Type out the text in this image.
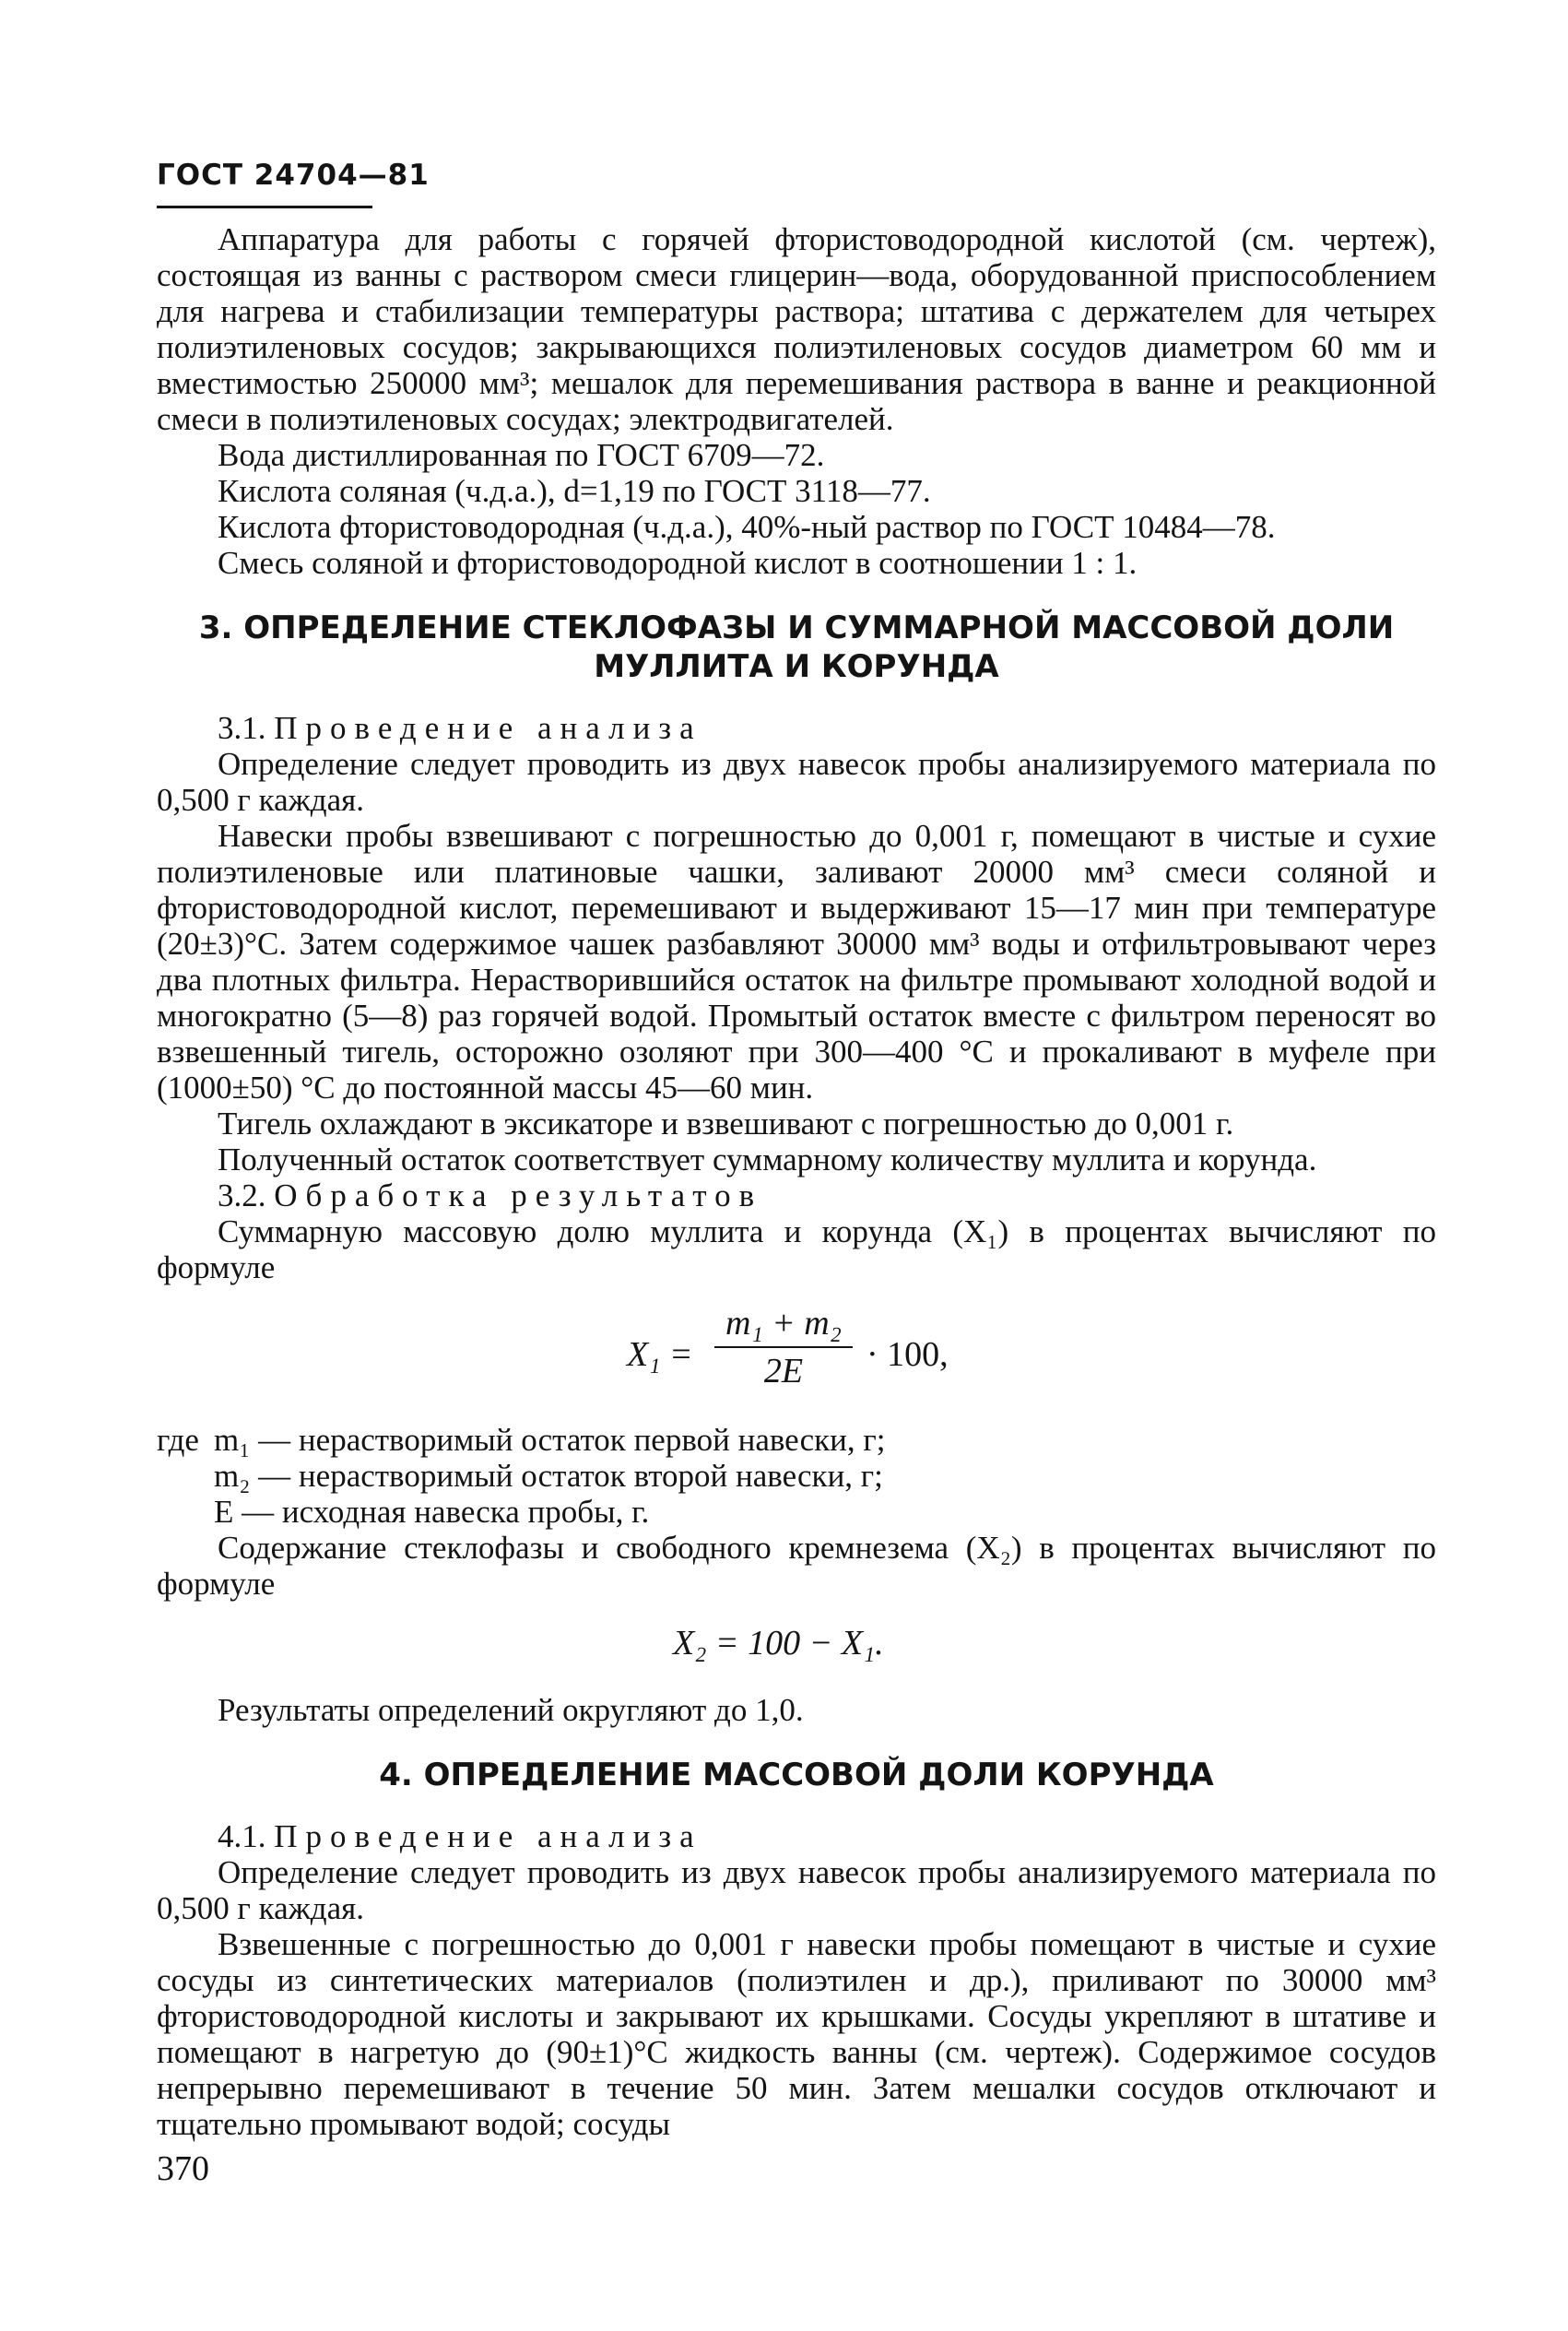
ГОСТ 24704—81

Аппаратура для работы с горячей фтористоводородной кислотой (см. чертеж), состоящая из ванны с раствором смеси глицерин—вода, оборудованной приспособлением для нагрева и стабилизации температуры раствора; штатива с держателем для четырех полиэтиленовых сосудов; закрывающихся полиэтиленовых сосудов диаметром 60 мм и вместимостью 250000 мм³; мешалок для перемешивания раствора в ванне и реакционной смеси в полиэтиленовых сосудах; электродвигателей.

Вода дистиллированная по ГОСТ 6709—72.

Кислота соляная (ч.д.а.), d=1,19 по ГОСТ 3118—77.

Кислота фтористоводородная (ч.д.а.), 40%-ный раствор по ГОСТ 10484—78.

Смесь соляной и фтористоводородной кислот в соотношении 1 : 1.

3. ОПРЕДЕЛЕНИЕ СТЕКЛОФАЗЫ И СУММАРНОЙ МАССОВОЙ ДОЛИ
МУЛЛИТА И КОРУНДА

3.1. Проведение анализа

Определение следует проводить из двух навесок пробы анализируемого материала по 0,500 г каждая.

Навески пробы взвешивают с погрешностью до 0,001 г, помещают в чистые и сухие полиэтиленовые или платиновые чашки, заливают 20000 мм³ смеси соляной и фтористоводородной кислот, перемешивают и выдерживают 15—17 мин при температуре (20±3)°С. Затем содержимое чашек разбавляют 30000 мм³ воды и отфильтровывают через два плотных фильтра. Нерастворившийся остаток на фильтре промывают холодной водой и многократно (5—8) раз горячей водой. Промытый остаток вместе с фильтром переносят во взвешенный тигель, осторожно озоляют при 300—400 °С и прокаливают в муфеле при (1000±50) °С до постоянной массы 45—60 мин.

Тигель охлаждают в эксикаторе и взвешивают с погрешностью до 0,001 г.

Полученный остаток соответствует суммарному количеству муллита и корунда.

3.2. Обработка результатов

Суммарную массовую долю муллита и корунда (X₁) в процентах вычисляют по формуле

X₁ =
m₁ + m₂
2E	· 100,
где m₁ — нерастворимый остаток первой навески, г;
m₂ — нерастворимый остаток второй навески, г;
E — исходная навеска пробы, г.

Содержание стеклофазы и свободного кремнезема (X₂) в процентах вычисляют по формуле

X₂ = 100 − X₁.

Результаты определений округляют до 1,0.

4. ОПРЕДЕЛЕНИЕ МАССОВОЙ ДОЛИ КОРУНДА

4.1. Проведение анализа

Определение следует проводить из двух навесок пробы анализируемого материала по 0,500 г каждая.

Взвешенные с погрешностью до 0,001 г навески пробы помещают в чистые и сухие сосуды из синтетических материалов (полиэтилен и др.), приливают по 30000 мм³ фтористоводородной кислоты и закрывают их крышками. Сосуды укрепляют в штативе и помещают в нагретую до (90±1)°С жидкость ванны (см. чертеж). Содержимое сосудов непрерывно перемешивают в течение 50 мин. Затем мешалки сосудов отключают и тщательно промывают водой; сосуды

370
